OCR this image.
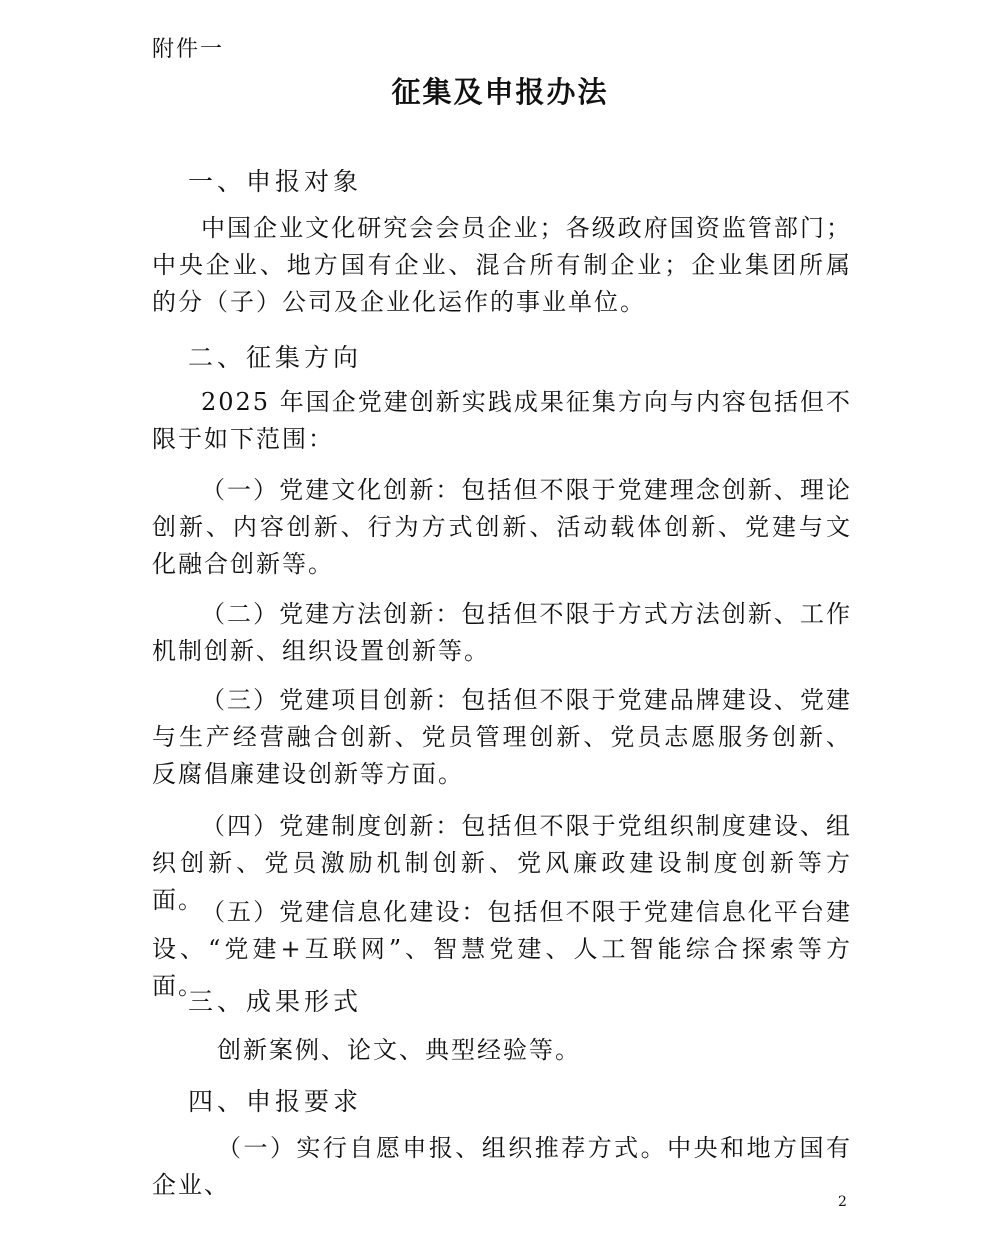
附件一
征集及申报办法
一、申报对象
中国企业文化研究会会员企业；各级政府国资监管部门；中央企业、地方国有企业、混合所有制企业；企业集团所属的分（子）公司及企业化运作的事业单位。
二、征集方向
2025 年国企党建创新实践成果征集方向与内容包括但不限于如下范围：
（一）党建文化创新：包括但不限于党建理念创新、理论创新、内容创新、行为方式创新、活动载体创新、党建与文化融合创新等。
（二）党建方法创新：包括但不限于方式方法创新、工作机制创新、组织设置创新等。
（三）党建项目创新：包括但不限于党建品牌建设、党建与生产经营融合创新、党员管理创新、党员志愿服务创新、反腐倡廉建设创新等方面。
（四）党建制度创新：包括但不限于党组织制度建设、组织创新、党员激励机制创新、党风廉政建设制度创新等方面。
（五）党建信息化建设：包括但不限于党建信息化平台建设、“党建+互联网”、智慧党建、人工智能综合探索等方面。
三、成果形式
创新案例、论文、典型经验等。
四、申报要求
（一）实行自愿申报、组织推荐方式。中央和地方国有企业、
2
